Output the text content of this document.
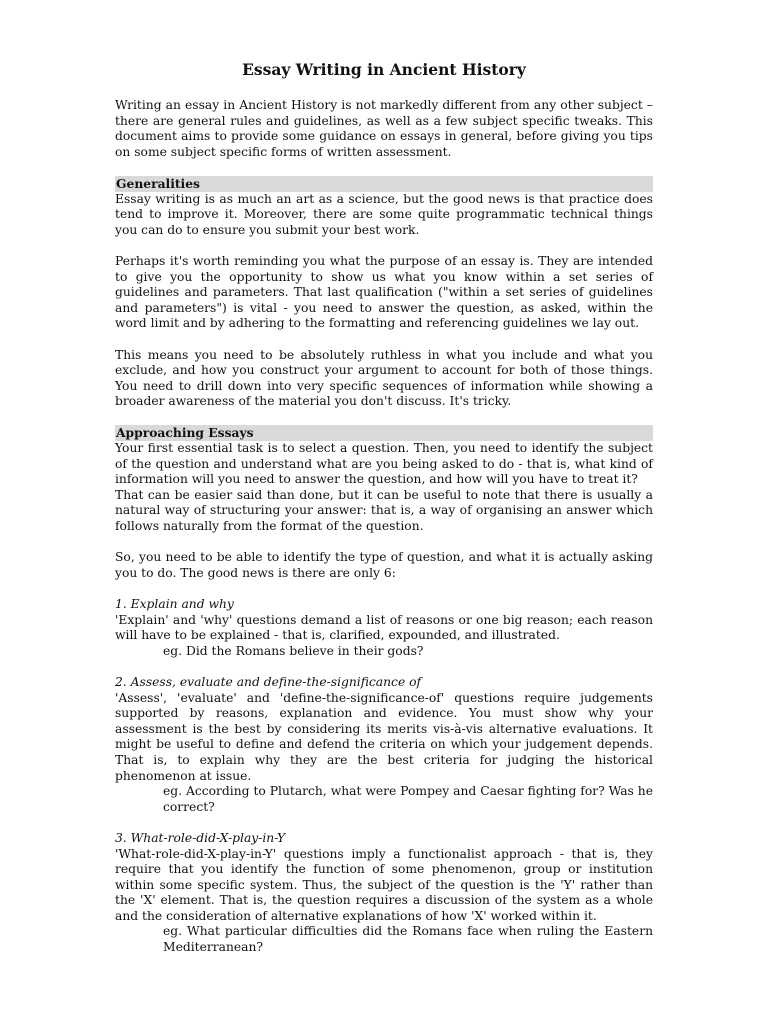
Essay Writing in Ancient History

Writing an essay in Ancient History is not markedly different from any other subject – there are general rules and guidelines, as well as a few subject specific tweaks. This document aims to provide some guidance on essays in general, before giving you tips on some subject specific forms of written assessment.

Generalities

Essay writing is as much an art as a science, but the good news is that practice does tend to improve it. Moreover, there are some quite programmatic technical things you can do to ensure you submit your best work.

Perhaps it's worth reminding you what the purpose of an essay is. They are intended to give you the opportunity to show us what you know within a set series of guidelines and parameters. That last qualification ("within a set series of guidelines and parameters") is vital - you need to answer the question, as asked, within the word limit and by adhering to the formatting and referencing guidelines we lay out.

This means you need to be absolutely ruthless in what you include and what you exclude, and how you construct your argument to account for both of those things. You need to drill down into very specific sequences of information while showing a broader awareness of the material you don't discuss. It's tricky.

Approaching Essays

Your first essential task is to select a question. Then, you need to identify the subject of the question and understand what are you being asked to do - that is, what kind of information will you need to answer the question, and how will you have to treat it?

That can be easier said than done, but it can be useful to note that there is usually a natural way of structuring your answer: that is, a way of organising an answer which follows naturally from the format of the question.

So, you need to be able to identify the type of question, and what it is actually asking you to do. The good news is there are only 6:

1. Explain and why

'Explain' and 'why' questions demand a list of reasons or one big reason; each reason will have to be explained - that is, clarified, expounded, and illustrated.

eg. Did the Romans believe in their gods?

2. Assess, evaluate and define-the-significance of

'Assess', 'evaluate' and 'define-the-significance-of' questions require judgements supported by reasons, explanation and evidence. You must show why your assessment is the best by considering its merits vis-à-vis alternative evaluations. It might be useful to define and defend the criteria on which your judgement depends. That is, to explain why they are the best criteria for judging the historical phenomenon at issue.

eg. According to Plutarch, what were Pompey and Caesar fighting for? Was he correct?

3. What-role-did-X-play-in-Y

'What-role-did-X-play-in-Y' questions imply a functionalist approach - that is, they require that you identify the function of some phenomenon, group or institution within some specific system. Thus, the subject of the question is the 'Y' rather than the 'X' element. That is, the question requires a discussion of the system as a whole and the consideration of alternative explanations of how 'X' worked within it.

eg. What particular difficulties did the Romans face when ruling the Eastern Mediterranean?
